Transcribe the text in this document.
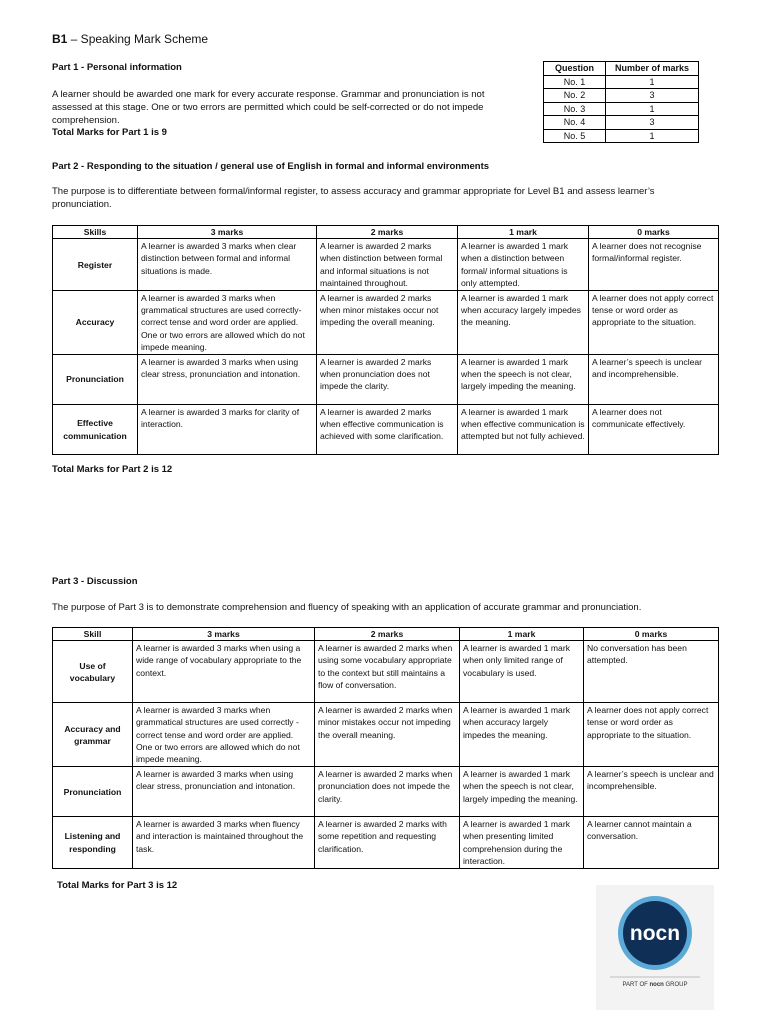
B1 – Speaking Mark Scheme
Part 1 - Personal information
A learner should be awarded one mark for every accurate response. Grammar and pronunciation is not assessed at this stage. One or two errors are permitted which could be self-corrected or do not impede comprehension.
Total Marks for Part 1 is 9
Question	Number of marks
No. 1	1
No. 2	3
No. 3	1
No. 4	3
No. 5	1
Part 2 - Responding to the situation / general use of English in formal and informal environments
The purpose is to differentiate between formal/informal register, to assess accuracy and grammar appropriate for Level B1 and assess learner’s pronunciation.
Skills	3 marks	2 marks	1 mark	0 marks
Register	A learner is awarded 3 marks when clear distinction between formal and informal situations is made.	A learner is awarded 2 marks when distinction between formal and informal situations is not maintained throughout.	A learner is awarded 1 mark when a distinction between formal/ informal situations is only attempted.	A learner does not recognise formal/informal register.
Accuracy	A learner is awarded 3 marks when grammatical structures are used correctly-correct tense and word order are applied. One or two errors are allowed which do not impede meaning.	A learner is awarded 2 marks when minor mistakes occur not impeding the overall meaning.	A learner is awarded 1 mark when accuracy largely impedes the meaning.	A learner does not apply correct tense or word order as appropriate to the situation.
Pronunciation	A learner is awarded 3 marks when using clear stress, pronunciation and intonation.	A learner is awarded 2 marks when pronunciation does not impede the clarity.	A learner is awarded 1 mark when the speech is not clear, largely impeding the meaning.	A learner’s speech is unclear and incomprehensible.
Effective communication	A learner is awarded 3 marks for clarity of interaction.	A learner is awarded 2 marks when effective communication is achieved with some clarification.	A learner is awarded 1 mark when effective communication is attempted but not fully achieved.	A learner does not communicate effectively.
Total Marks for Part 2 is 12
Part 3 - Discussion
The purpose of Part 3 is to demonstrate comprehension and fluency of speaking with an application of accurate grammar and pronunciation.
Skill	3 marks	2 marks	1 mark	0 marks
Use of vocabulary	A learner is awarded 3 marks when using a wide range of vocabulary appropriate to the context.	A learner is awarded 2 marks when using some vocabulary appropriate to the context but still maintains a flow of conversation.	A learner is awarded 1 mark when only limited range of vocabulary is used.	No conversation has been attempted.
Accuracy and grammar	A learner is awarded 3 marks when grammatical structures are used correctly - correct tense and word order are applied. One or two errors are allowed which do not impede meaning.	A learner is awarded 2 marks when minor mistakes occur not impeding the overall meaning.	A learner is awarded 1 mark when accuracy largely impedes the meaning.	A learner does not apply correct tense or word order as appropriate to the situation.
Pronunciation	A learner is awarded 3 marks when using clear stress, pronunciation and intonation.	A learner is awarded 2 marks when pronunciation does not impede the clarity.	A learner is awarded 1 mark when the speech is not clear, largely impeding the meaning.	A learner’s speech is unclear and incomprehensible.
Listening and responding	A learner is awarded 3 marks when fluency and interaction is maintained throughout the task.	A learner is awarded 2 marks with some repetition and requesting clarification.	A learner is awarded 1 mark when presenting limited comprehension during the interaction.	A learner cannot maintain a conversation.
Total Marks for Part 3 is 12
nocn
PART OF nocn GROUP
